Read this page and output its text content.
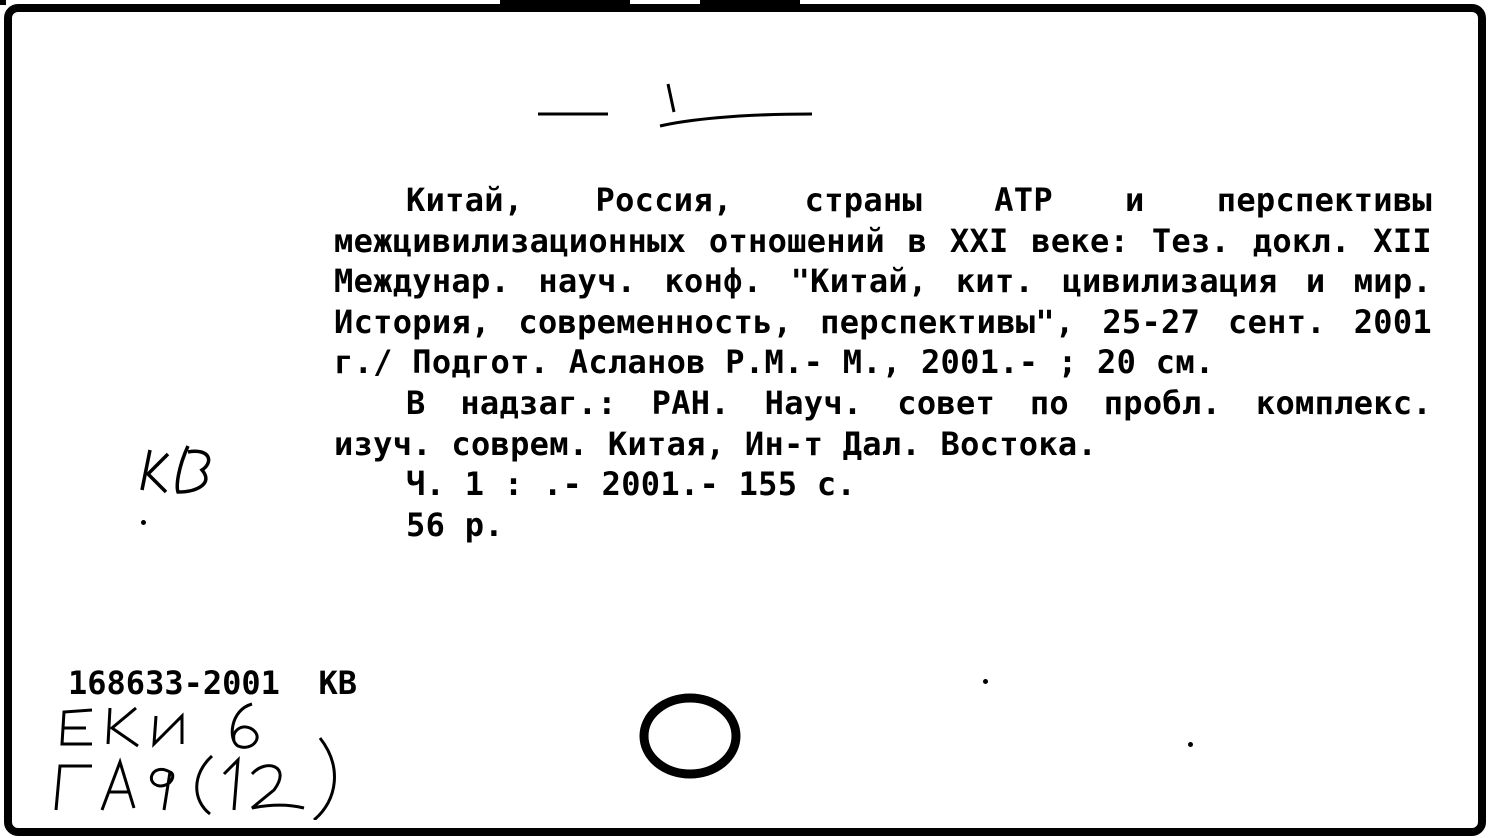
Китай, Россия, страны АТР и перспективы межцивилизационных отношений в XXI веке: Тез. докл. XII Междунар. науч. конф. "Китай, кит. цивилизация и мир. История, современность, перспективы", 25-27 сент. 2001 г./ Подгот. Асланов Р.М.- М., 2001.- ; 20 см.

В надзаг.: РАН. Науч. совет по пробл. комплекс. изуч. соврем. Китая, Ин-т Дал. Востока.

Ч. 1 : .- 2001.- 155 с.

56 р.

168633-2001  КВ
